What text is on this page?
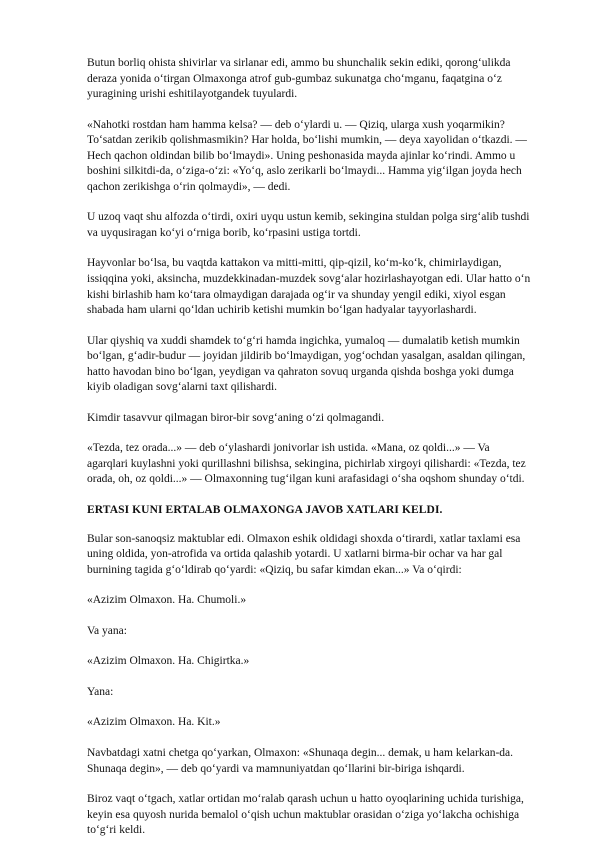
Butun borliq ohista shivirlar va sirlanar edi, ammo bu shunchalik sekin ediki, qorong‘ulikda
deraza yonida o‘tirgan Olmaxonga atrof gub-gumbaz sukunatga cho‘mganu, faqatgina o‘z
yuragining urishi eshitilayotgandek tuyulardi.

«Nahotki rostdan ham hamma kelsa? — deb o‘ylardi u. — Qiziq, ularga xush yoqarmikin?
To‘satdan zerikib qolishmasmikin? Har holda, bo‘lishi mumkin, — deya xayolidan o‘tkazdi. —
Hech qachon oldindan bilib bo‘lmaydi». Uning peshonasida mayda ajinlar ko‘rindi. Ammo u
boshini silkitdi-da, o‘ziga-o‘zi: «Yo‘q, aslo zerikarli bo‘lmaydi... Hamma yig‘ilgan joyda hech
qachon zerikishga o‘rin qolmaydi», — dedi.

U uzoq vaqt shu alfozda o‘tirdi, oxiri uyqu ustun kemib, sekingina stuldan polga sirg‘alib tushdi
va uyqusiragan ko‘yi o‘rniga borib, ko‘rpasini ustiga tortdi.

Hayvonlar bo‘lsa, bu vaqtda kattakon va mitti-mitti, qip-qizil, ko‘m-ko‘k, chimirlaydigan,
issiqqina yoki, aksincha, muzdekkinadan-muzdek sovg‘alar hozirlashayotgan edi. Ular hatto o‘n
kishi birlashib ham ko‘tara olmaydigan darajada og‘ir va shunday yengil ediki, xiyol esgan
shabada ham ularni qo‘ldan uchirib ketishi mumkin bo‘lgan hadyalar tayyorlashardi.

Ular qiyshiq va xuddi shamdek to‘g‘ri hamda ingichka, yumaloq — dumalatib ketish mumkin
bo‘lgan, g‘adir-budur — joyidan jildirib bo‘lmaydigan, yog‘ochdan yasalgan, asaldan qilingan,
hatto havodan bino bo‘lgan, yeydigan va qahraton sovuq urganda qishda boshga yoki dumga
kiyib oladigan sovg‘alarni taxt qilishardi.

Kimdir tasavvur qilmagan biror-bir sovg‘aning o‘zi qolmagandi.

«Tezda, tez orada...» — deb o‘ylashardi jonivorlar ish ustida. «Mana, oz qoldi...» — Va
agarqlari kuylashni yoki qurillashni bilishsa, sekingina, pichirlab xirgoyi qilishardi: «Tezda, tez
orada, oh, oz qoldi...» — Olmaxonning tug‘ilgan kuni arafasidagi o‘sha oqshom shunday o‘tdi.

ERTASI KUNI ERTALAB OLMAXONGA JAVOB XATLARI KELDI.

Bular son-sanoqsiz maktublar edi. Olmaxon eshik oldidagi shoxda o‘tirardi, xatlar taxlami esa
uning oldida, yon-atrofida va ortida qalashib yotardi. U xatlarni birma-bir ochar va har gal
burnining tagida g‘o‘ldirab qo‘yardi: «Qiziq, bu safar kimdan ekan...» Va o‘qirdi:

«Azizim Olmaxon. Ha. Chumoli.»

Va yana:

«Azizim Olmaxon. Ha. Chigirtka.»

Yana:

«Azizim Olmaxon. Ha. Kit.»

Navbatdagi xatni chetga qo‘yarkan, Olmaxon: «Shunaqa degin... demak, u ham kelarkan-da.
Shunaqa degin», — deb qo‘yardi va mamnuniyatdan qo‘llarini bir-biriga ishqardi.

Biroz vaqt o‘tgach, xatlar ortidan mo‘ralab qarash uchun u hatto oyoqlarining uchida turishiga,
keyin esa quyosh nurida bemalol o‘qish uchun maktublar orasidan o‘ziga yo‘lakcha ochishiga
to‘g‘ri keldi.
